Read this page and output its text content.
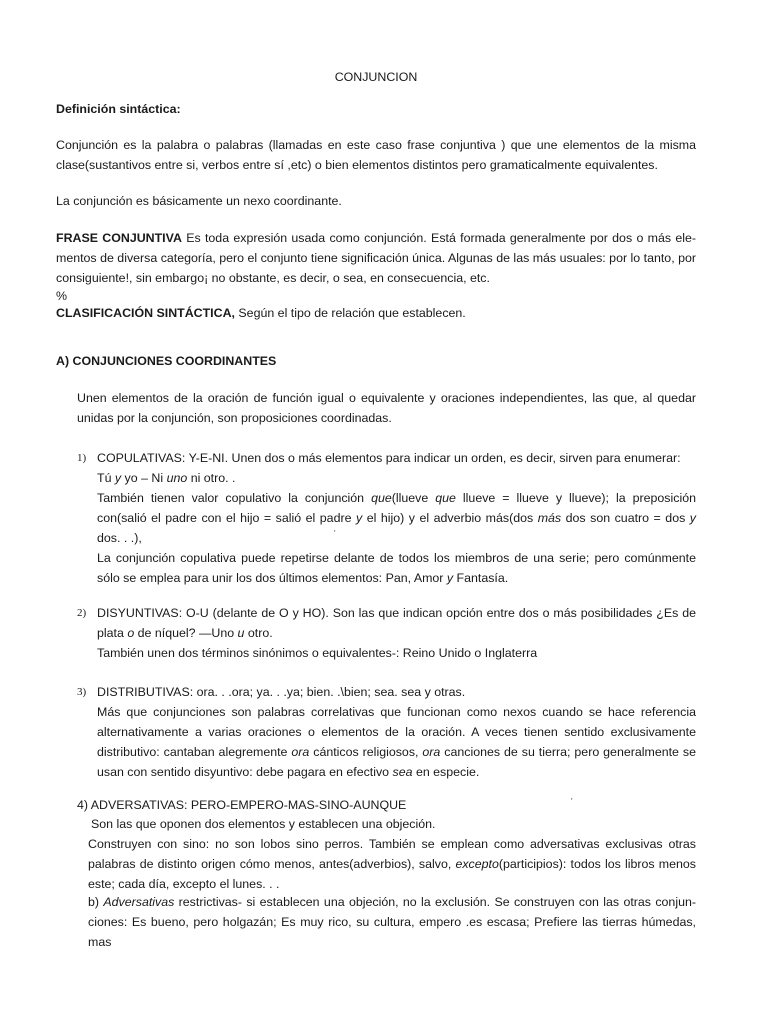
CONJUNCION
Definición sintáctica:
Conjunción es la palabra o palabras (llamadas en este caso frase conjuntiva ) que une elementos de la misma clase(sustantivos entre si, verbos entre sí ,etc) o bien elementos distintos pero gramaticalmente equivalentes.
La conjunción es básicamente un nexo coordinante.
FRASE CONJUNTIVA Es toda expresión usada como conjunción. Está formada generalmente por dos o más ele-mentos de diversa categoría, pero el conjunto tiene significación única. Algunas de las más usuales: por lo tanto, por consiguiente!, sin embargo¡ no obstante, es decir, o sea, en consecuencia, etc.
%
CLASIFICACIÓN SINTÁCTICA, Según el tipo de relación que establecen.
A) CONJUNCIONES COORDINANTES
Unen elementos de la oración de función igual o equivalente y oraciones independientes, las que, al quedar unidas por la conjunción, son proposiciones coordinadas.
1) COPULATIVAS: Y-E-NI. Unen dos o más elementos para indicar un orden, es decir, sirven para enumerar:
Tú y yo – Ni uno ni otro. .
También tienen valor copulativo la conjunción que(llueve que llueve = llueve y llueve); la preposición con(salió el padre con el hijo = salió el padre y el hijo) y el adverbio más(dos más dos son cuatro = dos y dos. . .),
La conjunción copulativa puede repetirse delante de todos los miembros de una serie; pero comúnmente sólo se emplea para unir los dos últimos elementos: Pan, Amor y Fantasía.
'
2) DISYUNTIVAS: O-U (delante de O y HO). Son las que indican opción entre dos o más posibilidades ¿Es de plata o de níquel? —Uno u otro.
También unen dos términos sinónimos o equivalentes-: Reino Unido o Inglaterra
3) DISTRIBUTIVAS: ora. . .ora; ya. . .ya; bien. .\bien; sea. sea y otras.
Más que conjunciones son palabras correlativas que funcionan como nexos cuando se hace referencia alternativamente a varias oraciones o elementos de la oración. A veces tienen sentido exclusivamente distributivo: cantaban alegremente ora cánticos religiosos, ora canciones de su tierra; pero generalmente se usan con sentido disyuntivo: debe pagara en efectivo sea en especie.
4) ADVERSATIVAS: PERO-EMPERO-MAS-SINO-AUNQUE	'
Son las que oponen dos elementos y establecen una objeción.
Construyen con sino: no son lobos sino perros. También se emplean como adversativas exclusivas otras palabras de distinto origen cómo menos, antes(adverbios), salvo, excepto(participios): todos los libros menos este; cada día, excepto el lunes. . .
b) Adversativas restrictivas- si establecen una objeción, no la exclusión. Se construyen con las otras conjun-ciones: Es bueno, pero holgazán; Es muy rico, su cultura, empero .es escasa; Prefiere las tierras húmedas, mas
